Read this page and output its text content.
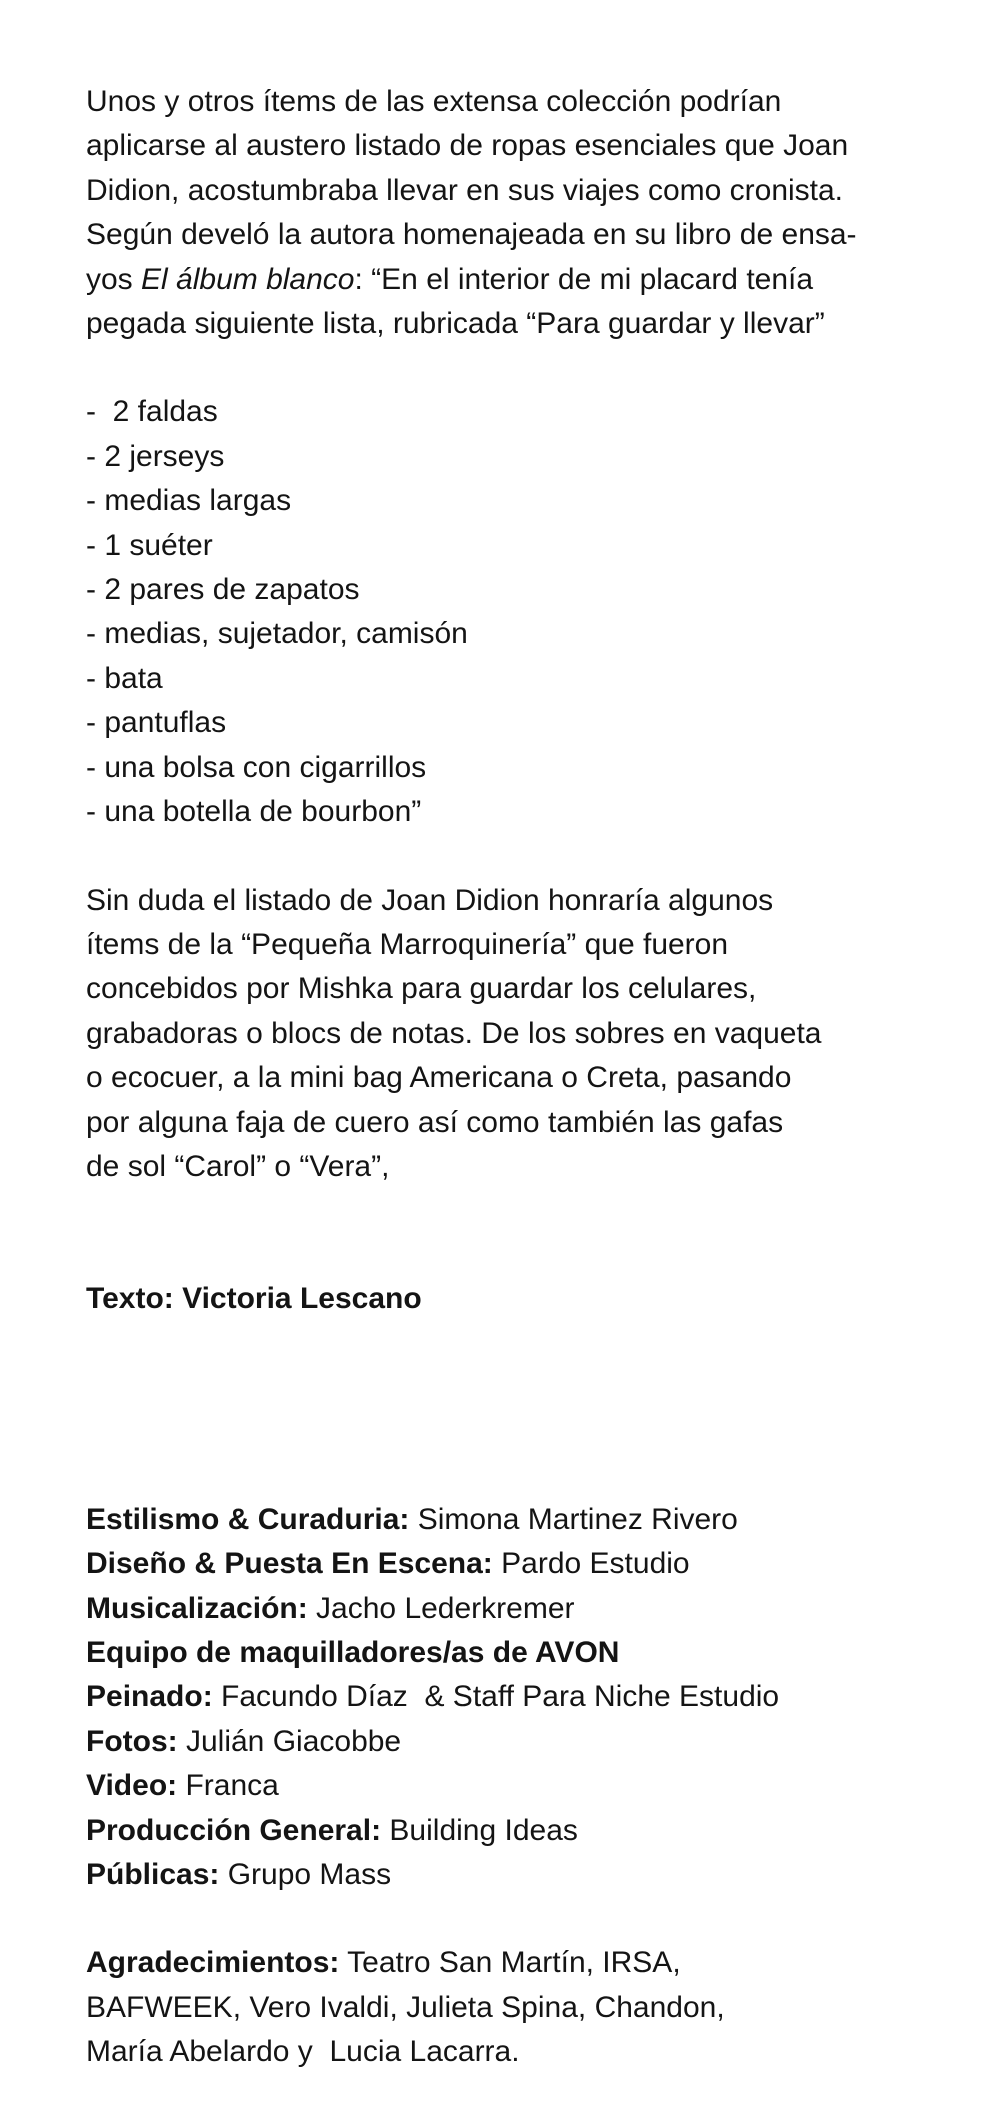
Unos y otros ítems de las extensa colección podrían
aplicarse al austero listado de ropas esenciales que Joan
Didion, acostumbraba llevar en sus viajes como cronista.
Según develó la autora homenajeada en su libro de ensa-
yos El álbum blanco: “En el interior de mi placard tenía
pegada siguiente lista, rubricada “Para guardar y llevar”

-  2 faldas
- 2 jerseys
- medias largas
- 1 suéter
- 2 pares de zapatos
- medias, sujetador, camisón
- bata
- pantuflas
- una bolsa con cigarrillos
- una botella de bourbon”

Sin duda el listado de Joan Didion honraría algunos
ítems de la “Pequeña Marroquinería” que fueron
concebidos por Mishka para guardar los celulares,
grabadoras o blocs de notas. De los sobres en vaqueta
o ecocuer, a la mini bag Americana o Creta, pasando
por alguna faja de cuero así como también las gafas
de sol “Carol” o “Vera”,

Texto: Victoria Lescano

Estilismo & Curaduria: Simona Martinez Rivero
Diseño & Puesta En Escena: Pardo Estudio
Musicalización: Jacho Lederkremer
Equipo de maquilladores/as de AVON
Peinado: Facundo Díaz  & Staff Para Niche Estudio
Fotos: Julián Giacobbe
Video: Franca
Producción General: Building Ideas
Públicas: Grupo Mass

Agradecimientos: Teatro San Martín, IRSA,
BAFWEEK, Vero Ivaldi, Julieta Spina, Chandon,
María Abelardo y  Lucia Lacarra.
